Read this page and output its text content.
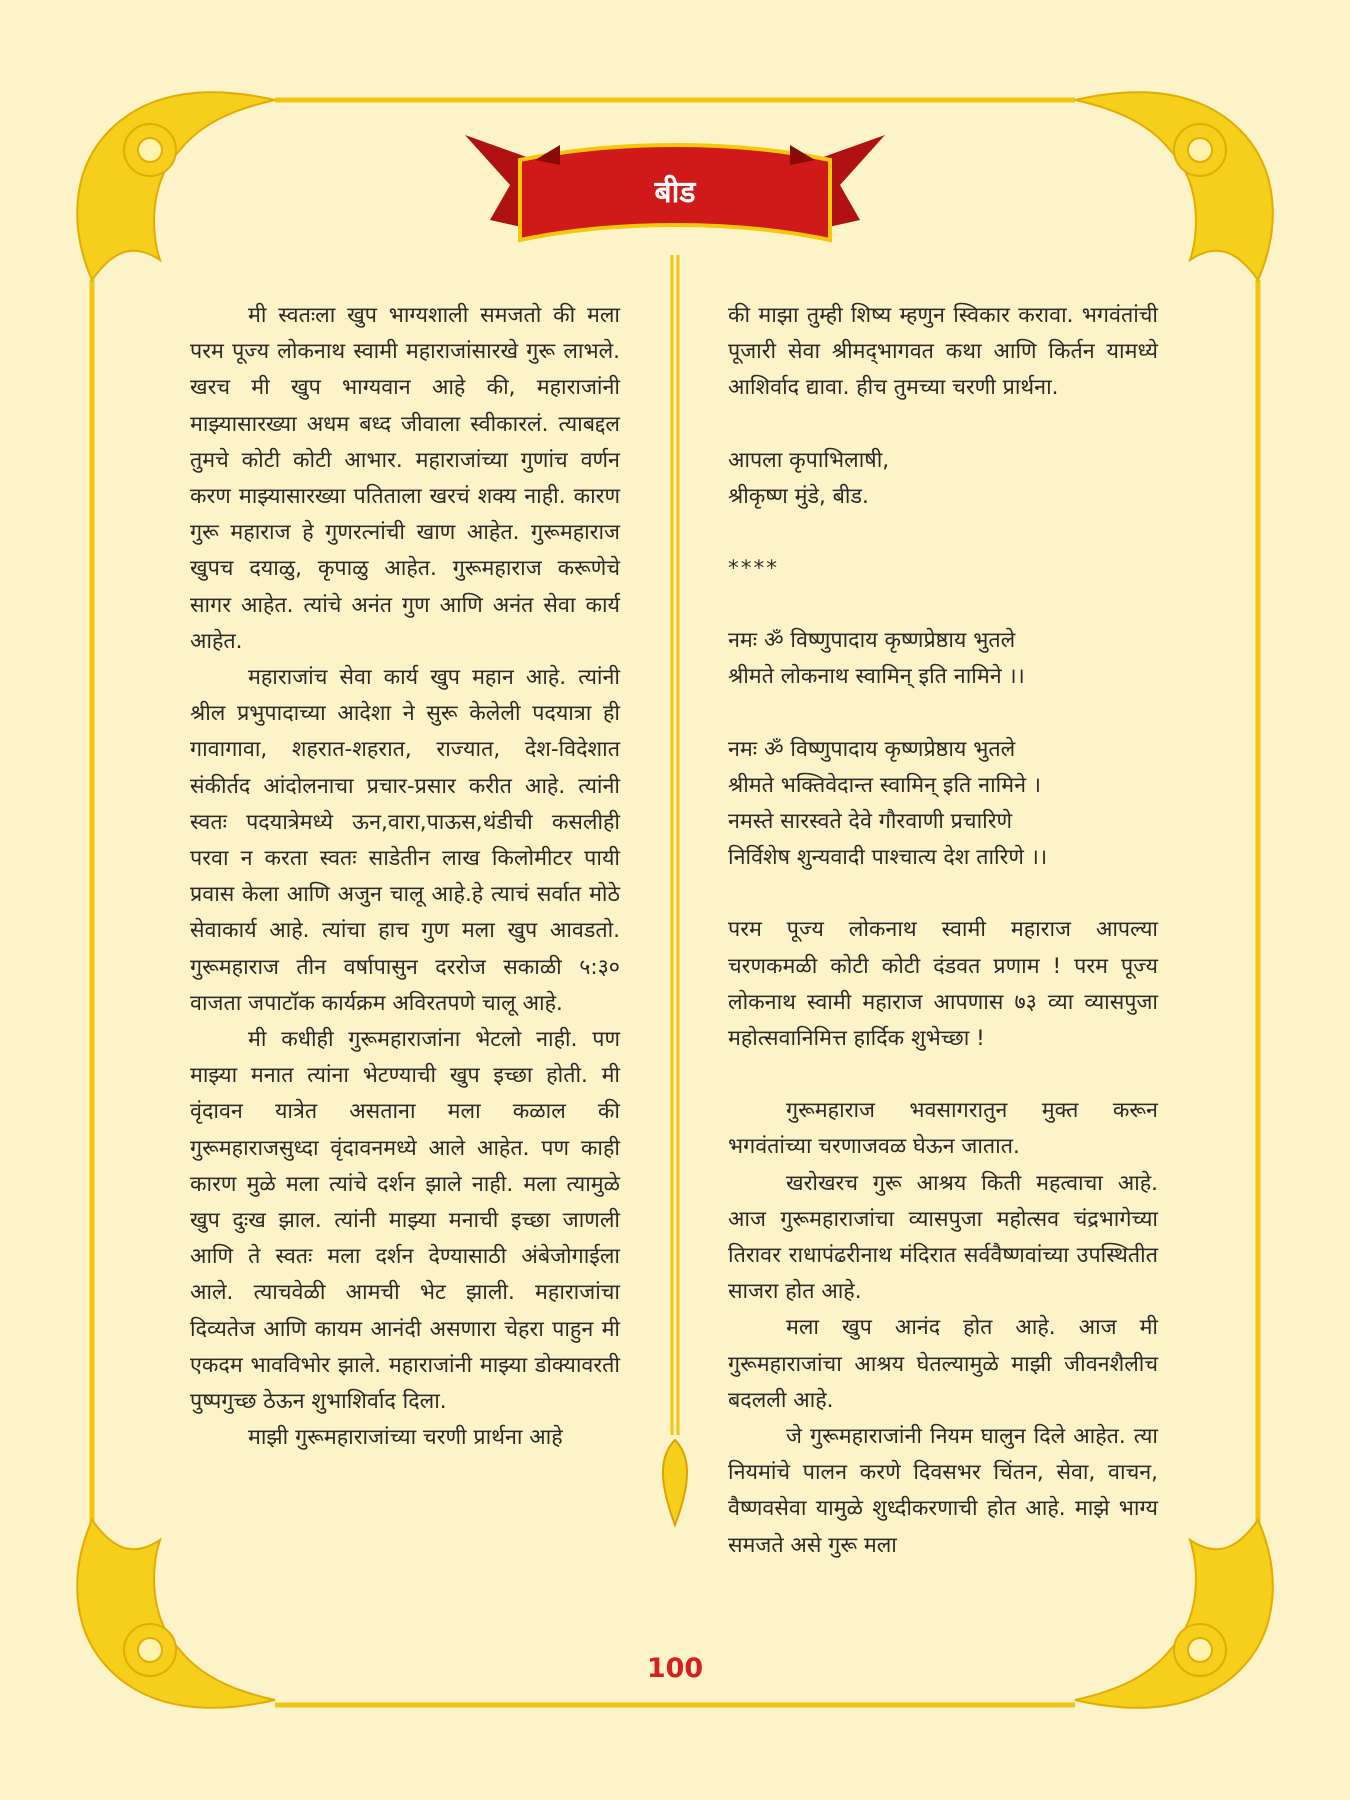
बीड

मी स्वतःला खुप भाग्यशाली समजतो की मला परम पूज्य लोकनाथ स्वामी महाराजांसारखे गुरू लाभले. खरच मी खुप भाग्यवान आहे की, महाराजांनी माझ्यासारख्या अधम बध्द जीवाला स्वीकारलं. त्याबद्दल तुमचे कोटी कोटी आभार. महाराजांच्या गुणांच वर्णन करण माझ्यासारख्या पतिताला खरचं शक्य नाही. कारण गुरू महाराज हे गुणरत्नांची खाण आहेत. गुरूमहाराज खुपच दयाळु, कृपाळु आहेत. गुरूमहाराज करूणेचे सागर आहेत. त्यांचे अनंत गुण आणि अनंत सेवा कार्य आहेत.

महाराजांच सेवा कार्य खुप महान आहे. त्यांनी श्रील प्रभुपादाच्या आदेशा ने सुरू केलेली पदयात्रा ही गावागावा, शहरात-शहरात, राज्यात, देश-विदेशात संकीर्तद आंदोलनाचा प्रचार-प्रसार करीत आहे. त्यांनी स्वतः पदयात्रेमध्ये ऊन,वारा,पाऊस,थंडीची कसलीही परवा न करता स्वतः साडेतीन लाख किलोमीटर पायी प्रवास केला आणि अजुन चालू आहे.हे त्याचं सर्वात मोठे सेवाकार्य आहे. त्यांचा हाच गुण मला खुप आवडतो. गुरूमहाराज तीन वर्षापासुन दररोज सकाळी ५:३० वाजता जपाटॉक कार्यक्रम अविरतपणे चालू आहे.

मी कधीही गुरूमहाराजांना भेटलो नाही. पण माझ्या मनात त्यांना भेटण्याची खुप इच्छा होती. मी वृंदावन यात्रेत असताना मला कळाल की गुरूमहाराजसुध्दा वृंदावनमध्ये आले आहेत. पण काही कारण मुळे मला त्यांचे दर्शन झाले नाही. मला त्यामुळे खुप दुःख झाल. त्यांनी माझ्या मनाची इच्छा जाणली आणि ते स्वतः मला दर्शन देण्यासाठी अंबेजोगाईला आले. त्याचवेळी आमची भेट झाली. महाराजांचा दिव्यतेज आणि कायम आनंदी असणारा चेहरा पाहुन मी एकदम भावविभोर झाले. महाराजांनी माझ्या डोक्यावरती पुष्पगुच्छ ठेऊन शुभाशिर्वाद दिला.

माझी गुरूमहाराजांच्या चरणी प्रार्थना आहे

की माझा तुम्ही शिष्य म्हणुन स्विकार करावा. भगवंतांची पूजारी सेवा श्रीमद्‌भागवत कथा आणि किर्तन यामध्ये आशिर्वाद द्यावा. हीच तुमच्या चरणी प्रार्थना.

आपला कृपाभिलाषी,

श्रीकृष्ण मुंडे, बीड.

****

नमः ॐ विष्णुपादाय कृष्णप्रेष्ठाय भुतले

श्रीमते लोकनाथ स्वामिन् इति नामिने ।।

नमः ॐ विष्णुपादाय कृष्णप्रेष्ठाय भुतले

श्रीमते भक्तिवेदान्त स्वामिन् इति नामिने ।

नमस्ते सारस्वते देवे गौरवाणी प्रचारिणे

निर्विशेष शुन्यवादी पाश्चात्य देश तारिणे ।।

परम पूज्य लोकनाथ स्वामी महाराज आपल्या चरणकमळी कोटी कोटी दंडवत प्रणाम ! परम पूज्य लोकनाथ स्वामी महाराज आपणास ७३ व्या व्यासपुजा महोत्सवानिमित्त हार्दिक शुभेच्छा !

गुरूमहाराज भवसागरातुन मुक्त करून भगवंतांच्या चरणाजवळ घेऊन जातात.

खरोखरच गुरू आश्रय किती महत्वाचा आहे. आज गुरूमहाराजांचा व्यासपुजा महोत्सव चंद्रभागेच्या तिरावर राधापंढरीनाथ मंदिरात सर्ववैष्णवांच्या उपस्थितीत साजरा होत आहे.

मला खुप आनंद होत आहे. आज मी गुरूमहाराजांचा आश्रय घेतल्यामुळे माझी जीवनशैलीच बदलली आहे.

जे गुरूमहाराजांनी नियम घालुन दिले आहेत. त्या नियमांचे पालन करणे दिवसभर चिंतन, सेवा, वाचन, वैष्णवसेवा यामुळे शुध्दीकरणाची होत आहे. माझे भाग्य समजते असे गुरू मला

100
